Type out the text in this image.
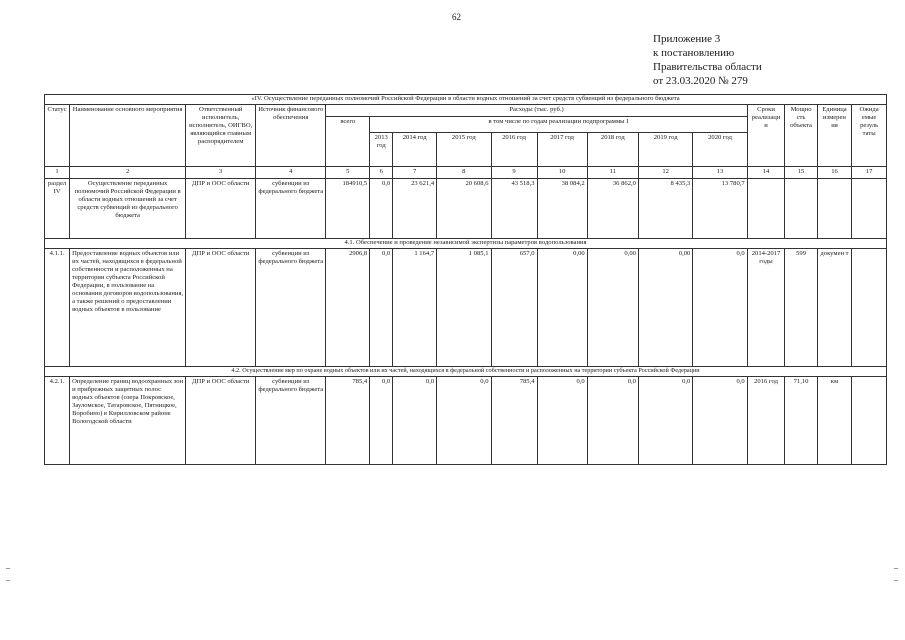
62
Приложение 3
к постановлению
Правительства области
от 23.03.2020 № 279
«IV. Осуществление переданных полномочий Российской Федерации в области водных отношений за счет средств субвенций из федерального бюджета																
Статус	Наименование основного мероприятия	Ответственный исполнитель, исполнитель, ОИГВО, являющийся главным распорядителем	Источник финансового обеспечения	Расходы (тыс. руб.)									Сроки реализаци и	Мощно сть объекта	Единица измерен ия	Ожида емые резуль таты
				всего	в том числе по годам реализации подпрограммы I											
					2013 год	2014 год	2015 год	2016 год	2017 год	2018 год	2019 год	2020 год				
1	2	3	4	5	6	7	8	9	10	11	12	13	14	15	16	17
раздел IV	Осуществление переданных полномочий Российской Федерации в области водных отношений за счет средств субвенций из федерального бюджета	ДПР и ООС области	субвенции из федерального бюджета	184910,5	0,0	23 621,4	20 608,6	43 518,3	38 084,2	36 862,0	8 435,3	13 780,7				
4.1. Обеспечение и проведение независимой экспертизы параметров водопользования																
4.1.1.	Предоставление водных объектов или их частей, находящихся в федеральной собственности и расположенных на территории субъекта Российской Федерации, в пользование на основании договоров водопользования, а также решений о предоставлении водных объектов в пользование	ДПР и ООС области	субвенции из федерального бюджета	2906,8	0,0	1 164,7	1 085,1	657,0	0,00	0,00	0,00	0,0	2014-2017 годы	599	докумен т	
4.2. Осуществление мер по охране водных объектов или их частей, находящихся в федеральной собственности и расположенных на территории субъекта Российской Федерации																
4.2.1.	Определение границ водоохранных зон и прибрежных защитных полос водных объектов (озера Покровское, Зауломское, Татаровское, Пятницкое, Воробино) в Кирилловском районе Вологодской области	ДПР и ООС области	субвенции из федерального бюджета	785,4	0,0	0,0	0,0	785,4	0,0	0,0	0,0	0,0	2016 год	71,10	км	
